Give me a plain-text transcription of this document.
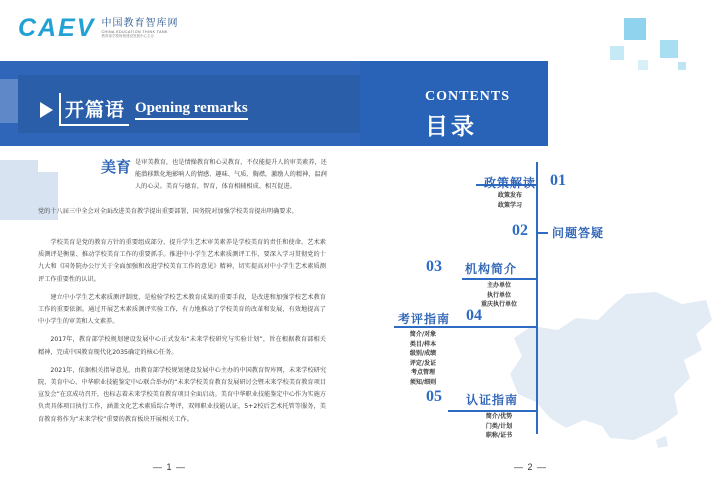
CAEV 中国教育智库网
CHINA EDUCATION THINK TANK
教育部学校规划建设发展中心主办
开篇语 Opening remarks
CONTENTS
目录
美育 是审美教育，也是情操教育和心灵教育，不仅能提升人的审美素养，还能潜移默化地影响人的情感、趣味、气质、胸襟，激励人的精神，温润人的心灵。美育与德育，智育，体育相辅相成、相互促进。
党的十八届三中全会对全面改进美育教学提出重要部署，国务院对加强学校美育提出明确要求。

学校美育是党的教育方针的重要组成部分，提升学生艺术审美素养是学校美育的责任和使命。艺术素质测评是衡量、推动学校美育工作的重要抓手。推进中小学生艺术素质测评工作，要深入学习贯彻党的十九大和《国务院办公厅关于全面加强和改进学校美育工作的意见》精神，切实提高对中小学生艺术素质测评工作重要性的认识。

建立中小学生艺术素质测评制度，是检验学校艺术教育成果的重要手段，是改进和加强学校艺术教育工作的重要依据。通过开展艺术素质测评实验工作，有力地推动了学校美育的改革和发展，有效地提高了中小学生的审美和人文素养。

2017年，教育部学校规划建设发展中心正式发布“未来学校研究与实验计划”，旨在根据教育部相关精神，完成中国教育现代化2035确定的核心任务。

2021年，依据相关指导意见，由教育部学校规划建设发展中心主办的中国教育智库网，未来学校研究院、美育中心、中华职业技能鉴定中心联合举办的“未来学校美育教育发展研讨会暨未来学校美育教育项目宣发会”在京成功召开，也标志着未来学校美育教育项目全面启动。美育中华职业技能鉴定中心作为实施方负责具体项目执行工作，涵盖文化艺术素质综合考评，双师职业技能认证，5+2校后艺术托管等服务，美育教育将作为“未来学校”重要的教育板块开展相关工作。

— 1 —	— 2 —
政策解读 01
政策发布
政策学习
02 问题答疑
03 机构简介
主办单位
执行单位
重庆执行单位
考评指南 04
简介/对象
类目/样本
级别/成绩
评定/发证
考点管理
须知/细则
05 认证指南
简介/优势
门类/计划
职称/证书
